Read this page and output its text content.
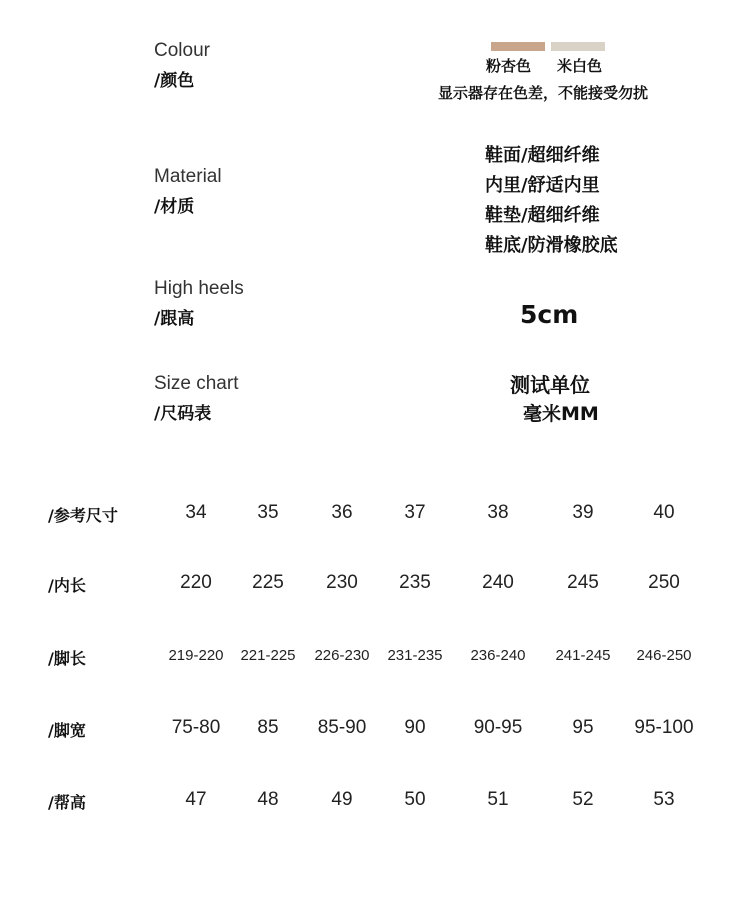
Colour
/颜色
粉杏色 米白色
显示器存在色差，不能接受勿扰
Material
/材质
鞋面/超细纤维
内里/舒适内里
鞋垫/超细纤维
鞋底/防滑橡胶底
High heels
/跟高	5cm
Size chart
/尺码表
测试单位
毫米MM
/参考尺寸	34	35	36	37	38	39	40
/内长	220	225	230	235	240	245	250
/脚长	219-220	221-225	226-230	231-235	236-240	241-245	246-250
/脚宽	75-80	85	85-90	90	90-95	95	95-100
/帮高	47	48	49	50	51	52	53
